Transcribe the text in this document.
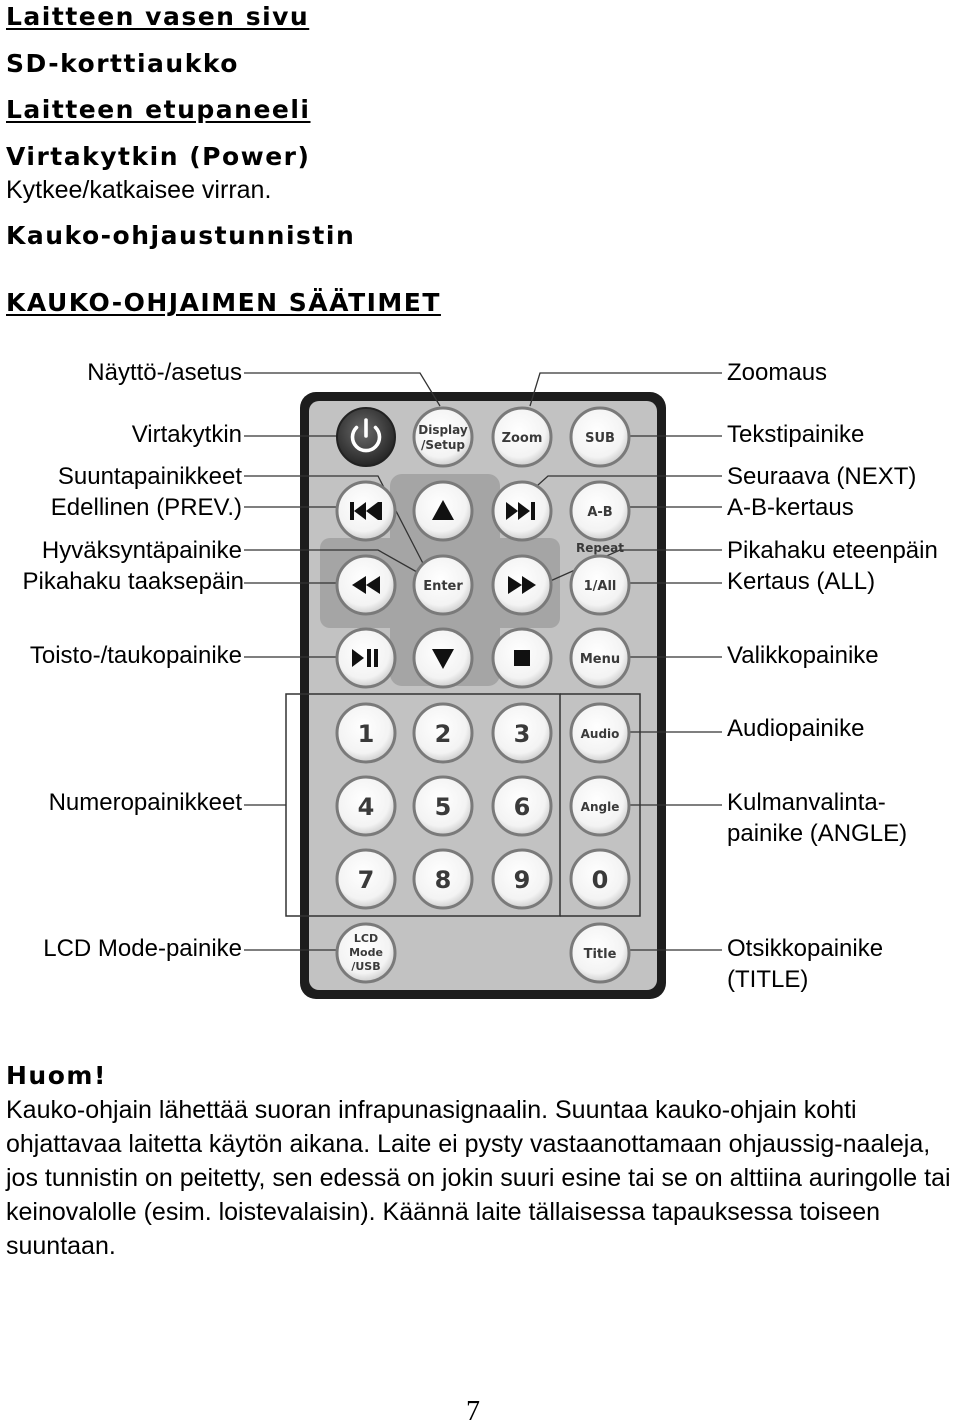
Laitteen vasen sivu
SD-korttiaukko
Laitteen etupaneeli
Virtakytkin (Power)
Kytkee/katkaisee virran.
Kauko-ohjaustunnistin
KAUKO-OHJAIMEN SÄÄTIMET
Display
/Setup	Zoom	SUB
A-B
Repeat
Enter	1/All
Menu
1	2	3	Audio
4	5	6	Angle
7	8	9	0
LCD
Mode
/USB
Title
Näyttö-/asetus
Virtakytkin
Suuntapainikkeet
Edellinen (PREV.)
Hyväksyntäpainike
Pikahaku taaksepäin
Toisto-/taukopainike
Numeropainikkeet
LCD Mode-painike
Zoomaus
Tekstipainike
Seuraava (NEXT)
A-B-kertaus
Pikahaku eteenpäin
Kertaus (ALL)
Valikkopainike
Audiopainike
Kulmanvalinta-
painike (ANGLE)
Otsikkopainike
(TITLE)
Huom!
Kauko-ohjain lähettää suoran infrapunasignaalin. Suuntaa kauko-ohjain kohti ohjattavaa laitetta käytön aikana. Laite ei pysty vastaanottamaan ohjaussig-naaleja, jos tunnistin on peitetty, sen edessä on jokin suuri esine tai se on alttiina auringolle tai keinovalolle (esim. loistevalaisin). Käännä laite tällaisessa tapauksessa toiseen suuntaan.
7
